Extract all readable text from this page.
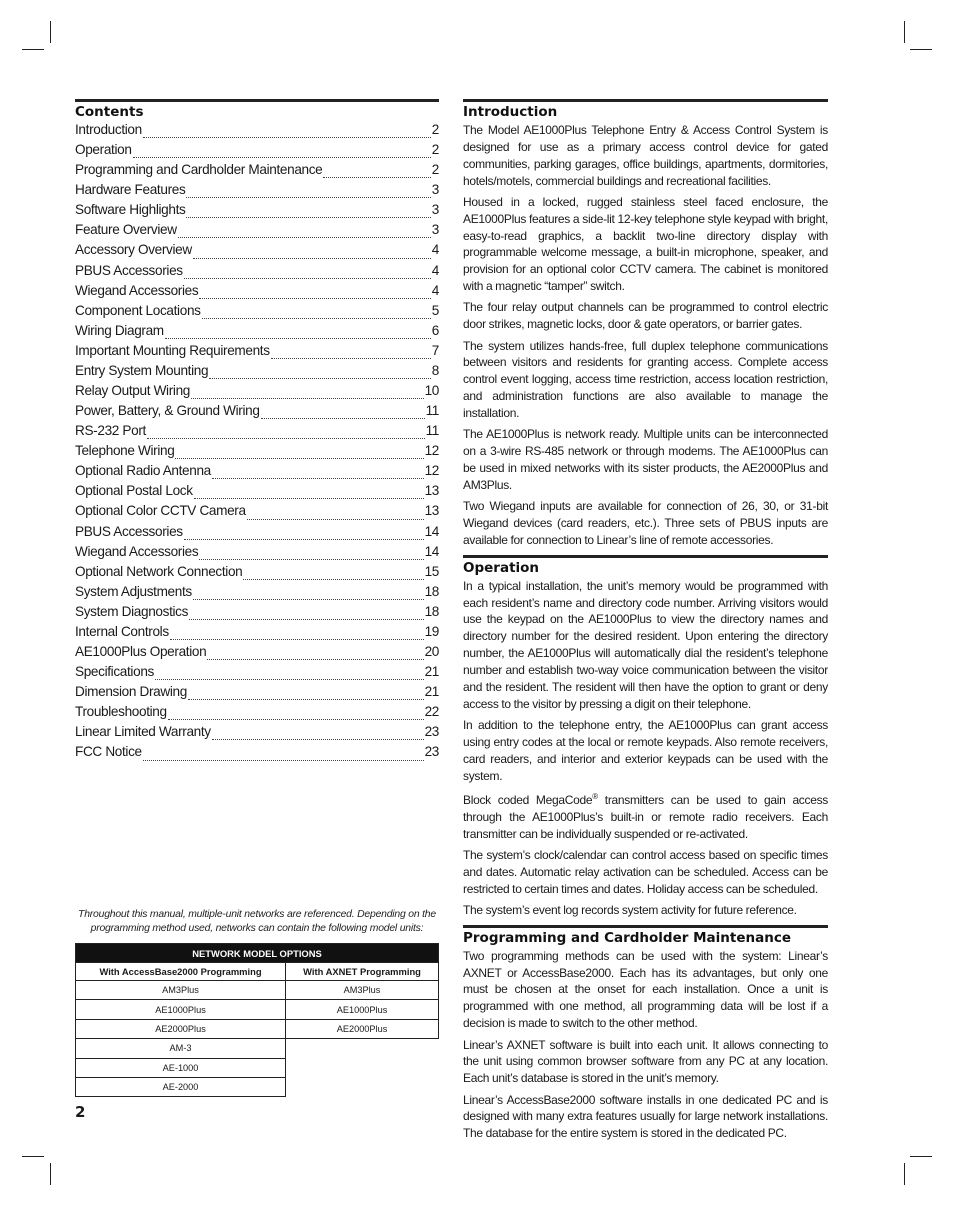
Contents
Introduction	2
Operation	2
Programming and Cardholder Maintenance	2
Hardware Features	3
Software Highlights	3
Feature Overview	3
Accessory Overview	4
PBUS Accessories	4
Wiegand Accessories	4
Component Locations	5
Wiring Diagram	6
Important Mounting Requirements	7
Entry System Mounting	8
Relay Output Wiring	10
Power, Battery, & Ground Wiring	11
RS-232 Port	11
Telephone Wiring	12
Optional Radio Antenna	12
Optional Postal Lock	13
Optional Color CCTV Camera	13
PBUS Accessories	14
Wiegand Accessories	14
Optional Network Connection	15
System Adjustments	18
System Diagnostics	18
Internal Controls	19
AE1000Plus Operation	20
Specifications	21
Dimension Drawing	21
Troubleshooting	22
Linear Limited Warranty	23
FCC Notice	23
Throughout this manual, multiple-unit networks are referenced. Depending on the programming method used, networks can contain the following model units:
NETWORK MODEL OPTIONS	
With AccessBase2000 Programming	With AXNET Programming
AM3Plus	AM3Plus
AE1000Plus	AE1000Plus
AE2000Plus	AE2000Plus
AM-3	
AE-1000	
AE-2000	
2
Introduction

The Model AE1000Plus Telephone Entry & Access Control System is designed for use as a primary access control device for gated communities, parking garages, office buildings, apartments, dormitories, hotels/motels, commercial buildings and recreational facilities.

Housed in a locked, rugged stainless steel faced enclosure, the AE1000Plus features a side-lit 12-key telephone style keypad with bright, easy-to-read graphics, a backlit two-line directory display with programmable welcome message, a built-in microphone, speaker, and provision for an optional color CCTV camera. The cabinet is monitored with a magnetic “tamper” switch.

The four relay output channels can be programmed to control electric door strikes, magnetic locks, door & gate operators, or barrier gates.

The system utilizes hands-free, full duplex telephone communications between visitors and residents for granting access. Complete access control event logging, access time restriction, access location restriction, and administration functions are also available to manage the installation.

The AE1000Plus is network ready. Multiple units can be interconnected on a 3-wire RS-485 network or through modems. The AE1000Plus can be used in mixed networks with its sister products, the AE2000Plus and AM3Plus.

Two Wiegand inputs are available for connection of 26, 30, or 31-bit Wiegand devices (card readers, etc.). Three sets of PBUS inputs are available for connection to Linear’s line of remote accessories.

Operation

In a typical installation, the unit’s memory would be programmed with each resident’s name and directory code number. Arriving visitors would use the keypad on the AE1000Plus to view the directory names and directory number for the desired resident. Upon entering the directory number, the AE1000Plus will automatically dial the resident’s telephone number and establish two-way voice communication between the visitor and the resident. The resident will then have the option to grant or deny access to the visitor by pressing a digit on their telephone.

In addition to the telephone entry, the AE1000Plus can grant access using entry codes at the local or remote keypads. Also remote receivers, card readers, and interior and exterior keypads can be used with the system.

Block coded MegaCode® transmitters can be used to gain access through the AE1000Plus’s built-in or remote radio receivers. Each transmitter can be individually suspended or re-activated.

The system’s clock/calendar can control access based on specific times and dates. Automatic relay activation can be scheduled. Access can be restricted to certain times and dates. Holiday access can be scheduled.

The system’s event log records system activity for future reference.

Programming and Cardholder Maintenance

Two programming methods can be used with the system: Linear’s AXNET or AccessBase2000. Each has its advantages, but only one must be chosen at the onset for each installation. Once a unit is programmed with one method, all programming data will be lost if a decision is made to switch to the other method.

Linear’s AXNET software is built into each unit. It allows connecting to the unit using common browser software from any PC at any location. Each unit’s database is stored in the unit’s memory.

Linear’s AccessBase2000 software installs in one dedicated PC and is designed with many extra features usually for large network installations. The database for the entire system is stored in the dedicated PC.
